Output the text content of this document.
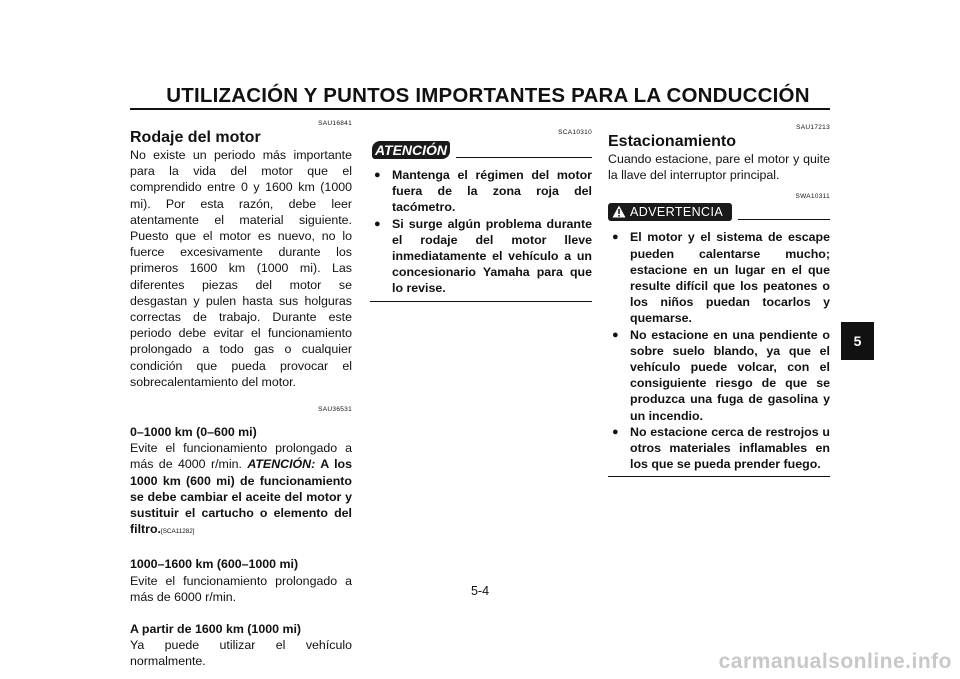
UTILIZACIÓN Y PUNTOS IMPORTANTES PARA LA CONDUCCIÓN
SAU16841
Rodaje del motor

No existe un periodo más importante para la vida del motor que el comprendido entre 0 y 1600 km (1000 mi). Por esta razón, debe leer atentamente el material siguiente. Puesto que el motor es nuevo, no lo fuerce excesivamente durante los primeros 1600 km (1000 mi). Las diferentes piezas del motor se desgastan y pulen hasta sus holguras correctas de trabajo. Durante este periodo debe evitar el funcionamiento prolongado a todo gas o cualquier condición que pueda provocar el sobrecalentamiento del motor.

SAU36531
0–1000 km (0–600 mi)

Evite el funcionamiento prolongado a más de 4000 r/min. ATENCIÓN: A los 1000 km (600 mi) de funcionamiento se debe cambiar el aceite del motor y sustituir el cartucho o elemento del filtro.[SCA11282]

1000–1600 km (600–1000 mi)

Evite el funcionamiento prolongado a más de 6000 r/min.

A partir de 1600 km (1000 mi)

Ya puede utilizar el vehículo normalmente.

SCA10310
ATENCIÓN
● Mantenga el régimen del motor fuera de la zona roja del tacómetro.
● Si surge algún problema durante el rodaje del motor lleve inmediatamente el vehículo a un concesionario Yamaha para que lo revise.
SAU17213
Estacionamiento

Cuando estacione, pare el motor y quite la llave del interruptor principal.

SWA10311
ADVERTENCIA
● El motor y el sistema de escape pueden calentarse mucho; estacione en un lugar en el que resulte difícil que los peatones o los niños puedan tocarlos y quemarse.
● No estacione en una pendiente o sobre suelo blando, ya que el vehículo puede volcar, con el consiguiente riesgo de que se produzca una fuga de gasolina y un incendio.
● No estacione cerca de restrojos u otros materiales inflamables en los que se pueda prender fuego.
5
5-4
carmanualsonline.info
